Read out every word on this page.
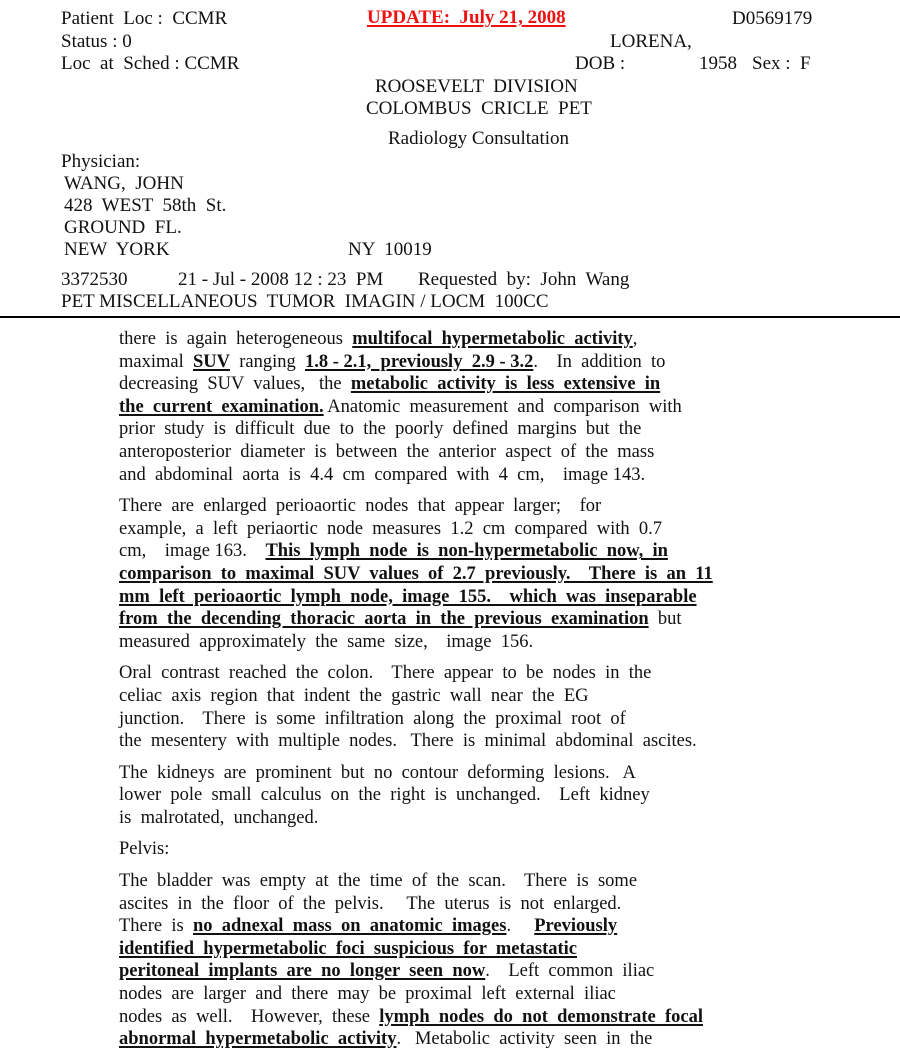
Patient  Loc :  CCMR
Status : 0
Loc  at  Sched : CCMR
UPDATE:  July 21, 2008	D0569179
LORENA,
DOB :	1958 Sex :  F
ROOSEVELT  DIVISION
COLOMBUS  CRICLE  PET
Radiology Consultation
Physician:
WANG,  JOHN
428  WEST  58th  St.
GROUND  FL.
NEW  YORK	NY  10019
3372530	21 - Jul - 2008 12 : 23  PM Requested  by:  John  Wang
PET MISCELLANEOUS  TUMOR  IMAGIN / LOCM  100CC
there  is  again  heterogeneous  multifocal  hypermetabolic  activity,
maximal  SUV  ranging  1.8 - 2.1,  previously  2.9 - 3.2.    In  addition  to
decreasing  SUV  values,   the  metabolic  activity  is  less  extensive  in
the  current  examination. Anatomic  measurement  and  comparison  with
prior  study  is  difficult  due  to  the  poorly  defined  margins  but  the
anteroposterior  diameter  is  between  the  anterior  aspect  of  the  mass
and  abdominal  aorta  is  4.4  cm  compared  with  4  cm,    image 143.
There  are  enlarged  perioaortic  nodes  that  appear  larger;    for
example,  a  left  periaortic  node  measures  1.2  cm  compared  with  0.7
cm,    image 163.    This  lymph  node  is  non-hypermetabolic  now,  in
comparison  to  maximal  SUV  values  of  2.7  previously.    There  is  an  11
mm  left  perioaortic  lymph  node,  image  155.    which  was  inseparable
from  the  decending  thoracic  aorta  in  the  previous  examination  but
measured  approximately  the  same  size,    image  156.
Oral  contrast  reached  the  colon.    There  appear  to  be  nodes  in  the
celiac  axis  region  that  indent  the  gastric  wall  near  the  EG
junction.    There  is  some  infiltration  along  the  proximal  root  of
the  mesentery  with  multiple  nodes.   There  is  minimal  abdominal  ascites.
The  kidneys  are  prominent  but  no  contour  deforming  lesions.   A
lower  pole  small  calculus  on  the  right  is  unchanged.    Left  kidney
is  malrotated,  unchanged.
Pelvis:
The  bladder  was  empty  at  the  time  of  the  scan.    There  is  some
ascites  in  the  floor  of  the  pelvis.     The  uterus  is  not  enlarged.
There  is  no  adnexal  mass  on  anatomic  images.     Previously
identified  hypermetabolic  foci  suspicious  for  metastatic
peritoneal  implants  are  no  longer  seen  now.    Left  common  iliac
nodes  are  larger  and  there  may  be  proximal  left  external  iliac
nodes  as  well.    However,  these  lymph  nodes  do  not  demonstrate  focal
abnormal  hypermetabolic  activity.   Metabolic  activity  seen  in  the
